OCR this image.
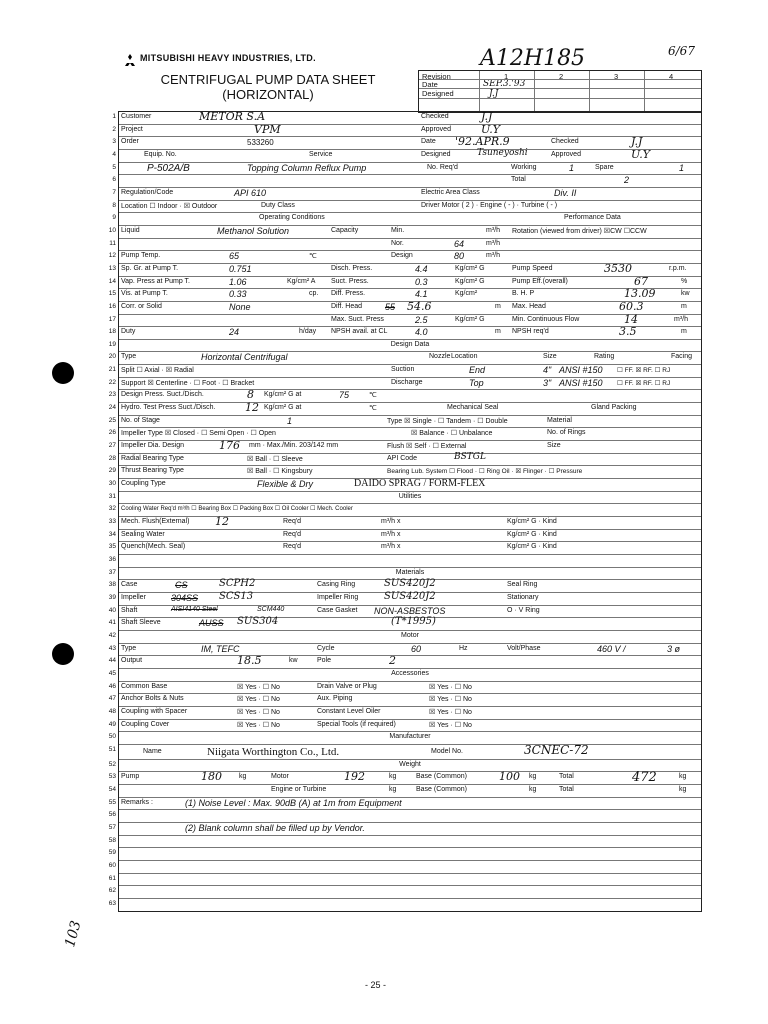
MITSUBISHI HEAVY INDUSTRIES, LTD.	A12H185	6/67
CENTRIFUGAL PUMP DATA SHEET
(HORIZONTAL)
Revision
Date
Designed
1	2	3	4
SEP.3.'93
J.J
1 Customer	METOR S.A	Checked	J.J
2 Project	VPM	Approved	U.Y
3 Order	533260	Date '92.APR.9	Checked	J.J
4	Equip. No.	Service	Designed	Tsuneyoshi	Approved	U.Y
5	P-502A/B	Topping Column Reflux Pump	No. Req'd	Working	1	Spare	1
6	Total	2
7 Regulation/Code	API 610	Electric Area Class	Div. II
8 Location ☐ Indoor · ☒ Outdoor	Duty Class	Driver Motor ( 2 ) · Engine ( - ) · Turbine ( - )
9	Operating Conditions	Performance Data
10 Liquid	Methanol Solution	Capacity	Min.	m³/h Rotation (viewed from driver) ☒CW ☐CCW
11	Nor.	64	m³/h
12 Pump Temp.	65	℃	Design	80	m³/h
13 Sp. Gr. at Pump T.	0.751	Disch. Press.	4.4	Kg/cm² G	Pump Speed	3530	r.p.m.
14 Vap. Press at Pump T.	1.06	Kg/cm² A Suct. Press.	0.3	Kg/cm² G	Pump Eff.(overall)	67	%
15 Vis. at Pump T.	0.33	cp. Diff. Press.	4.1	Kg/cm²	B. H. P	13.09	kw
16 Corr. or Solid	None	Diff. Head	55 54.6	m Max. Head	60.3	m
17	Max. Suct. Press	2.5	Kg/cm² G	Min. Continuous Flow	14	m³/h
18 Duty	24	h/day NPSH avail. at CL	4.0	m NPSH req'd	3.5	m
19	Design Data
20 Type	Horizontal Centrifugal	Nozzle Location	Size	Rating	Facing
21 Split ☐ Axial · ☒ Radial	Suction	End	4" ANSI #150 ☐ FF. ☒ RF. ☐ RJ
22 Support ☒ Centerline · ☐ Foot · ☐ Bracket	Discharge	Top	3" ANSI #150 ☐ FF. ☒ RF. ☐ RJ
23 Design Press. Suct./Disch.	8 Kg/cm² G at	75	℃
24 Hydro. Test Press Suct./Disch.	12 Kg/cm² G at	℃	Mechanical Seal	Gland Packing
25 No. of Stage	1	Type ☒ Single · ☐ Tandem · ☐ Double	Material
26 Impeller Type ☒ Closed · ☐ Semi Open · ☐ Open	☒ Balance · ☐ Unbalance	No. of Rings
27 Impeller Dia. Design	176 mm · Max./Min. 203/142 mm	Flush ☒ Self · ☐ External	Size
28 Radial Bearing Type	☒ Ball · ☐ Sleeve	API Code	BSTGL
29 Thrust Bearing Type	☒ Ball · ☐ Kingsbury	Bearing Lub. System ☐ Flood · ☐ Ring Oil · ☒ Flinger · ☐ Pressure
30 Coupling Type	Flexible & Dry	DAIDO SPRAG / FORM-FLEX
31	Utilities
32 Cooling Water Req'd m³/h ☐ Bearing Box ☐ Packing Box ☐ Oil Cooler ☐ Mech. Cooler
33 Mech. Flush(External) 12	Req'd	m³/h x	Kg/cm² G · Kind
34 Sealing Water	Req'd	m³/h x	Kg/cm² G · Kind
35 Quench(Mech. Seal)	Req'd	m³/h x	Kg/cm² G · Kind
36
37	Materials
38 Case	CS	SCPH2	Casing Ring	SUS420J2	Seal Ring
39 Impeller	304SS SCS13	Impeller Ring	SUS420J2	Stationary
40 Shaft	AISI4140 Steel	SCM440	Case Gasket NON-ASBESTOS	O · V Ring
41 Shaft Sleeve	AUSS SUS304	(T*1995)
42	Motor
43 Type	IM, TEFC	Cycle	60	Hz	Volt/Phase	460 V /	3 ø
44 Output	18.5	kw	Pole	2
45	Accessories
46 Common Base	☒ Yes · ☐ No	Drain Valve or Plug	☒ Yes · ☐ No
47 Anchor Bolts & Nuts	☒ Yes · ☐ No	Aux. Piping	☒ Yes · ☐ No
48 Coupling with Spacer	☒ Yes · ☐ No	Constant Level Oiler	☒ Yes · ☐ No
49 Coupling Cover	☒ Yes · ☐ No	Special Tools (if required)	☒ Yes · ☐ No
50	Manufacturer
51	Name	Niigata Worthington Co., Ltd.	Model No.	3CNEC-72
52	Weight
53 Pump	180 kg	Motor	192	kg	Base (Common)	100 kg	Total	472	kg
54	Engine or Turbine	kg	Base (Common)	kg	Total	kg
55 Remarks :	(1) Noise Level : Max. 90dB (A) at 1m from Equipment
56
57	(2) Blank column shall be filled up by Vendor.
58
59
60
61
62
63
- 25 -
103
